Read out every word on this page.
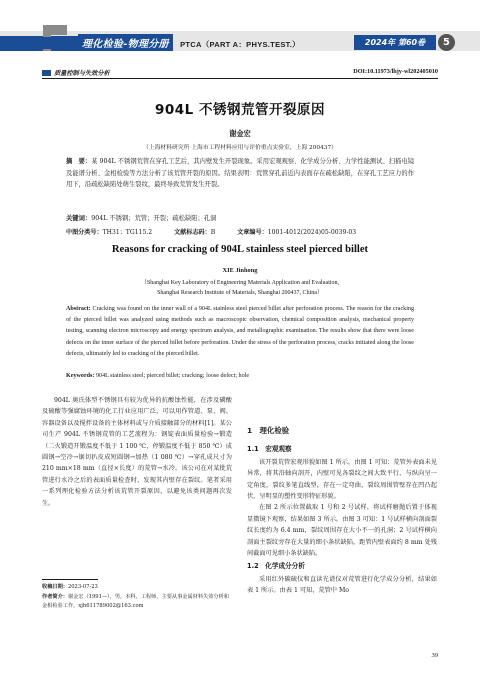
理化检验-物理分册	PTCA（PART A：PHYS.TEST.）	2024年 第60卷	5
质量控制与失效分析	DOI:10.11973/lhjy-wl202405010
904L 不锈钢荒管开裂原因
谢金宏
（上海材料研究所 上海市工程材料应用与评价重点实验室，上海 200437）
摘　要：某 904L 不锈钢荒管在穿孔工艺后，其内壁发生开裂现象。采用宏观观察、化学成分分析、力学性能测试、扫描电镜及能谱分析、金相检验等方法分析了该荒管开裂的原因。结果表明：荒管穿孔前近内表面存在疏松缺陷，在穿孔工艺应力的作用下，沿疏松缺陷处萌生裂纹，最终导致荒管发生开裂。
关键词：904L 不锈钢；荒管；开裂；疏松缺陷；孔洞
中图分类号：TH31；TG115.2	文献标志码：B	文章编号：1001-4012(2024)05-0039-03
Reasons for cracking of 904L stainless steel pierced billet
XIE Jinhong
（Shanghai Key Laboratory of Engineering Materials Application and Evaluation,
Shanghai Research Institute of Materials, Shanghai 200437, China）
Abstract: Cracking was found on the inner wall of a 904L stainless steel pierced billet after perforation process. The reason for the cracking of the pierced billet was analyzed using methods such as macroscopic observation, chemical composition analysis, mechanical property testing, scanning electron microscopy and energy spectrum analysis, and metallographic examination. The results show that there were loose defects on the inner surface of the pierced billet before perforation. Under the stress of the perforation process, cracks initiated along the loose defects, ultimately led to cracking of the pierced billet.
Keywords: 904L stainless steel; pierced billet; cracking; loose defect; hole

904L 奥氏体型不锈钢具有较为优异的抗酸蚀性能，在涉及磷酸及硫酸等强腐蚀环境的化工行业应用广泛，可以用作管道、泵、阀、容器设备以及搅拌设备的主体材料或与介质接触部分的材料[1]。某公司生产 904L 不锈钢荒管的工艺流程为：钢锭表面质量检验→锻造（二火锻造开锻温度不低于 1 100 ℃，停锻温度不低于 850 ℃）成圆钢→空冷→锯切扒皮成短圆钢→加热（1 080 ℃）→穿孔成尺寸为 210 mm×18 mm（直径×长度）的荒管→水冷。该公司在对某批荒管进行水冷之后的表面质量检查时，发现其内壁存在裂纹。笔者采用一系列理化检验方法分析该荒管开裂原因，以避免该类问题再次发生。

1　理化检验
1.1　宏观观察

该开裂荒管宏观形貌如图 1 所示。由图 1 可知：荒管外表面未见异常，将其沿轴向剖开，内壁可见各裂纹之间大致平行，与纵向呈一定角度，裂纹多笔直线型，存在一定弯曲，裂纹周围管壁存在凹凸起伏，呈明显的塑性变形特征形貌。

在图 2 所示位置截取 1 号和 2 号试样，将试样磨抛后置于体视显微镜下观察，结果如图 3 所示。由图 3 可知：1 号试样横向剖面裂纹长度约为 6.4 mm，裂纹周围存在大小不一的孔洞；2 号试样横向剖面主裂纹旁存在大量的细小条状缺陷，距管内壁表面约 8 mm 处残间截面可见细小条状缺陷。

1.2　化学成分分析

采用红外碳硫仪和直读光谱仪对荒管进行化学成分分析，结果如表 1 所示。由表 1 可知，荒管中 Mo

收稿日期：2023-07-23
作者简介：谢金宏（1991—），男，本科，工程师，主要从事金属材料失效分析和金相检验工作，xjh611789002@163.com
39
